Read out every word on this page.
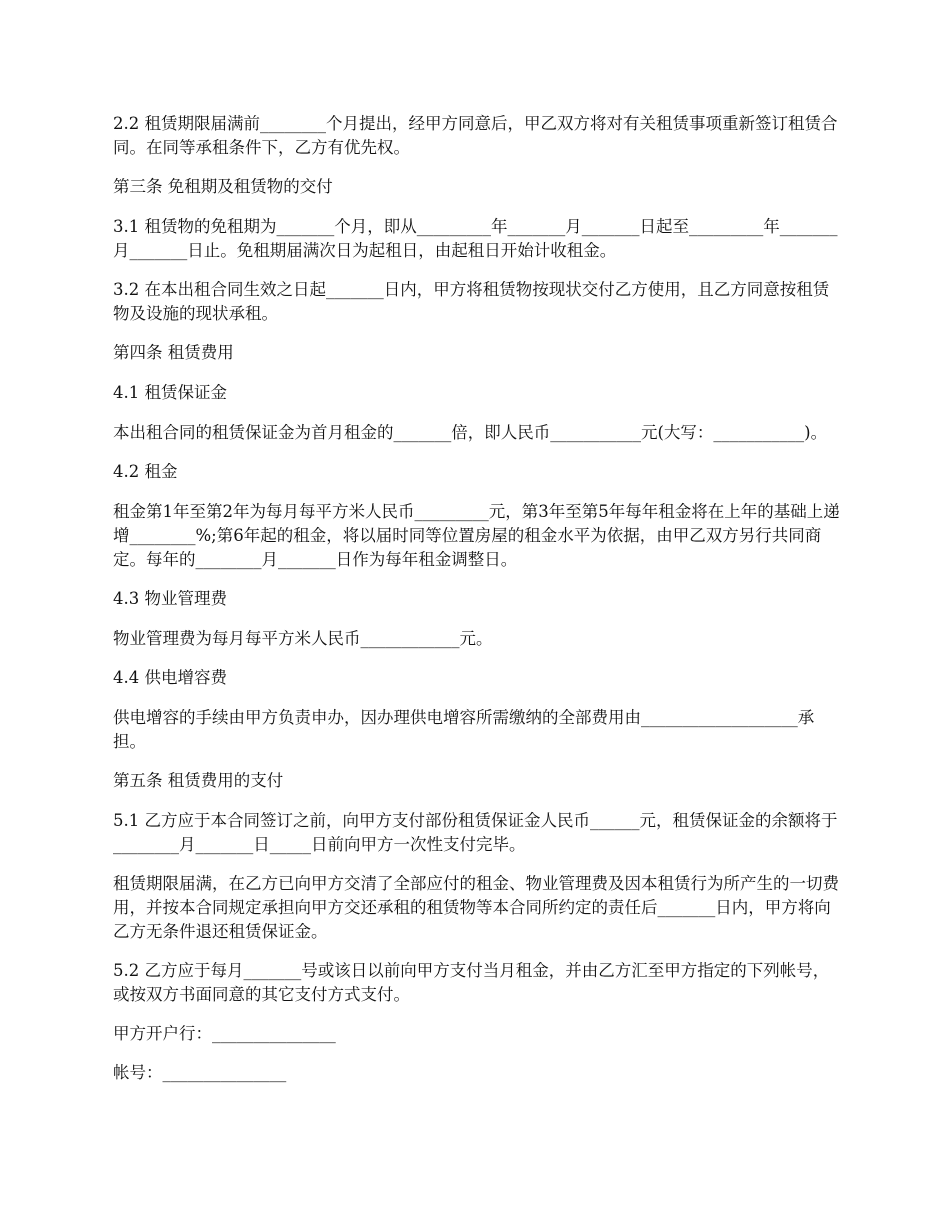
2.2 租赁期限届满前________个月提出，经甲方同意后，甲乙双方将对有关租赁事项重新签订租赁合同。在同等承租条件下，乙方有优先权。

第三条 免租期及租赁物的交付

3.1 租赁物的免租期为_______个月，即从_________年_______月_______日起至_________年_______月_______日止。免租期届满次日为起租日，由起租日开始计收租金。

3.2 在本出租合同生效之日起_______日内，甲方将租赁物按现状交付乙方使用，且乙方同意按租赁物及设施的现状承租。

第四条 租赁费用

4.1 租赁保证金

本出租合同的租赁保证金为首月租金的_______倍，即人民币___________元(大写：___________)。

4.2 租金

租金第1年至第2年为每月每平方米人民币_________元，第3年至第5年每年租金将在上年的基础上递增________%;第6年起的租金，将以届时同等位置房屋的租金水平为依据，由甲乙双方另行共同商定。每年的________月_______日作为每年租金调整日。

4.3 物业管理费

物业管理费为每月每平方米人民币____________元。

4.4 供电增容费

供电增容的手续由甲方负责申办，因办理供电增容所需缴纳的全部费用由___________________承担。

第五条 租赁费用的支付

5.1 乙方应于本合同签订之前，向甲方支付部份租赁保证金人民币______元，租赁保证金的余额将于________月_______日_____日前向甲方一次性支付完毕。

租赁期限届满，在乙方已向甲方交清了全部应付的租金、物业管理费及因本租赁行为所产生的一切费用，并按本合同规定承担向甲方交还承租的租赁物等本合同所约定的责任后_______日内，甲方将向乙方无条件退还租赁保证金。

5.2 乙方应于每月_______号或该日以前向甲方支付当月租金，并由乙方汇至甲方指定的下列帐号，或按双方书面同意的其它支付方式支付。

甲方开户行：_______________

帐号：_______________
